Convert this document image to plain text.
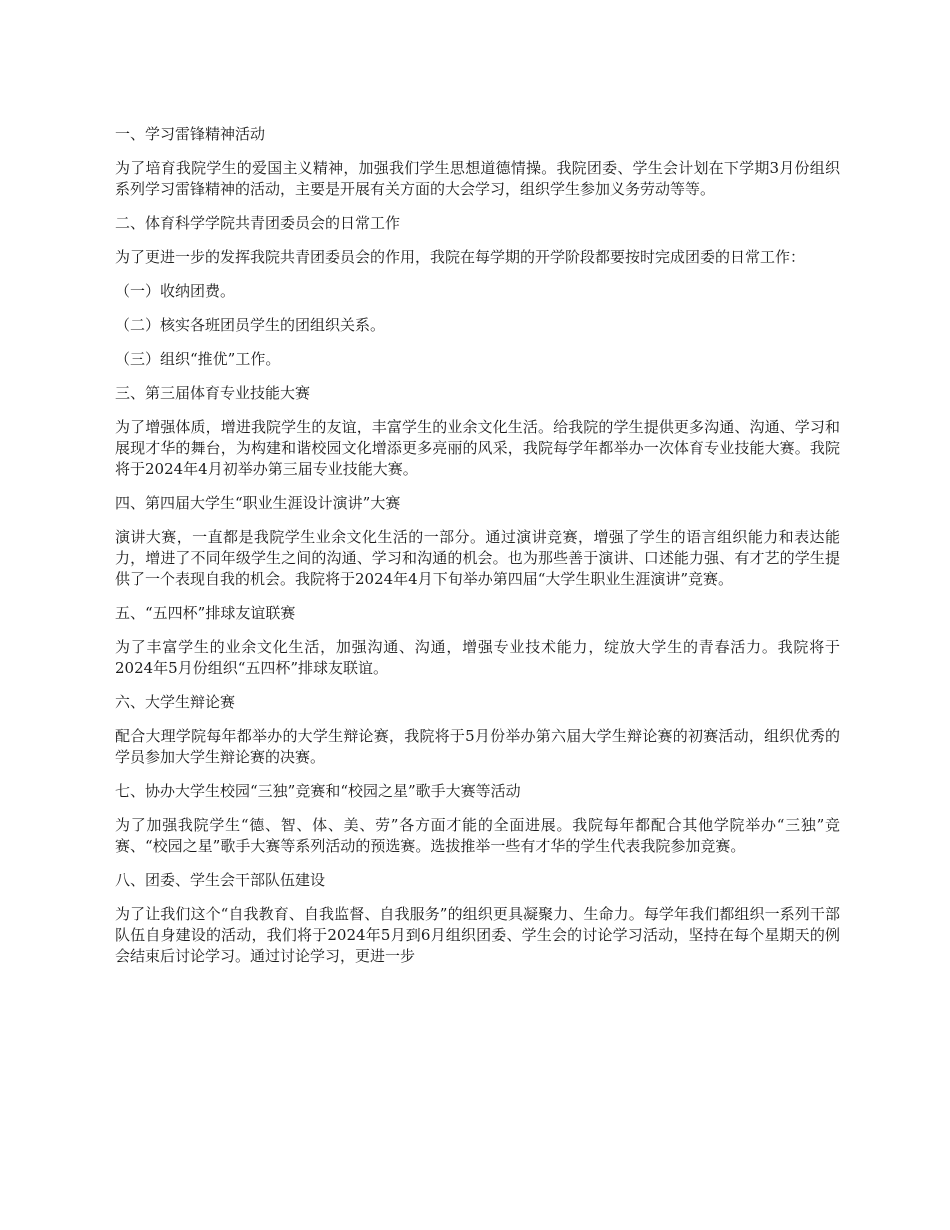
一、学习雷锋精神活动
为了培育我院学生的爱国主义精神，加强我们学生思想道德情操。我院团委、学生会计划在下学期3月份组织系列学习雷锋精神的活动，主要是开展有关方面的大会学习，组织学生参加义务劳动等等。
二、体育科学学院共青团委员会的日常工作
为了更进一步的发挥我院共青团委员会的作用，我院在每学期的开学阶段都要按时完成团委的日常工作：
（一）收纳团费。
（二）核实各班团员学生的团组织关系。
（三）组织“推优”工作。
三、第三届体育专业技能大赛
为了增强体质，增进我院学生的友谊，丰富学生的业余文化生活。给我院的学生提供更多沟通、沟通、学习和展现才华的舞台，为构建和谐校园文化增添更多亮丽的风采，我院每学年都举办一次体育专业技能大赛。我院将于2024年4月初举办第三届专业技能大赛。
四、第四届大学生“职业生涯设计演讲”大赛
演讲大赛，一直都是我院学生业余文化生活的一部分。通过演讲竞赛，增强了学生的语言组织能力和表达能力，增进了不同年级学生之间的沟通、学习和沟通的机会。也为那些善于演讲、口述能力强、有才艺的学生提供了一个表现自我的机会。我院将于2024年4月下旬举办第四届“大学生职业生涯演讲”竞赛。
五、“五四杯”排球友谊联赛
为了丰富学生的业余文化生活，加强沟通、沟通，增强专业技术能力，绽放大学生的青春活力。我院将于2024年5月份组织“五四杯”排球友联谊。
六、大学生辩论赛
配合大理学院每年都举办的大学生辩论赛，我院将于5月份举办第六届大学生辩论赛的初赛活动，组织优秀的学员参加大学生辩论赛的决赛。
七、协办大学生校园“三独”竞赛和“校园之星”歌手大赛等活动
为了加强我院学生“德、智、体、美、劳”各方面才能的全面进展。我院每年都配合其他学院举办“三独”竞赛、“校园之星”歌手大赛等系列活动的预选赛。选拔推举一些有才华的学生代表我院参加竞赛。
八、团委、学生会干部队伍建设
为了让我们这个“自我教育、自我监督、自我服务”的组织更具凝聚力、生命力。每学年我们都组织一系列干部队伍自身建设的活动，我们将于2024年5月到6月组织团委、学生会的讨论学习活动，坚持在每个星期天的例会结束后讨论学习。通过讨论学习，更进一步
